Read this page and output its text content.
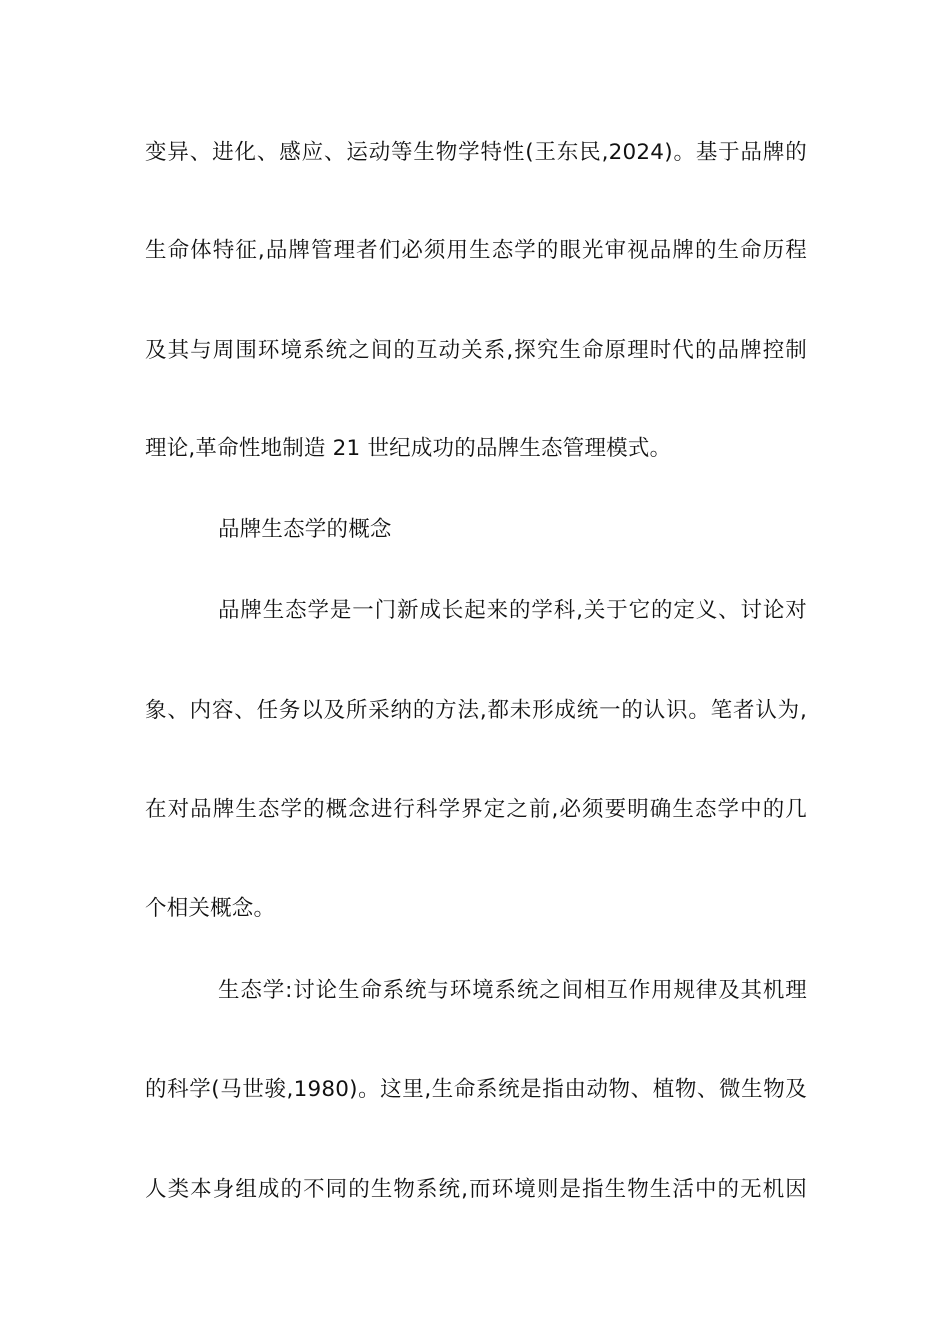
变异、进化、感应、运动等生物学特性(王东民,2024)。基于品牌的
生命体特征,品牌管理者们必须用生态学的眼光审视品牌的生命历程
及其与周围环境系统之间的互动关系,探究生命原理时代的品牌控制
理论,革命性地制造 21 世纪成功的品牌生态管理模式。
品牌生态学的概念
品牌生态学是一门新成长起来的学科,关于它的定义、讨论对
象、内容、任务以及所采纳的方法,都未形成统一的认识。笔者认为,
在对品牌生态学的概念进行科学界定之前,必须要明确生态学中的几
个相关概念。
生态学:讨论生命系统与环境系统之间相互作用规律及其机理
的科学(马世骏,1980)。这里,生命系统是指由动物、植物、微生物及
人类本身组成的不同的生物系统,而环境则是指生物生活中的无机因
